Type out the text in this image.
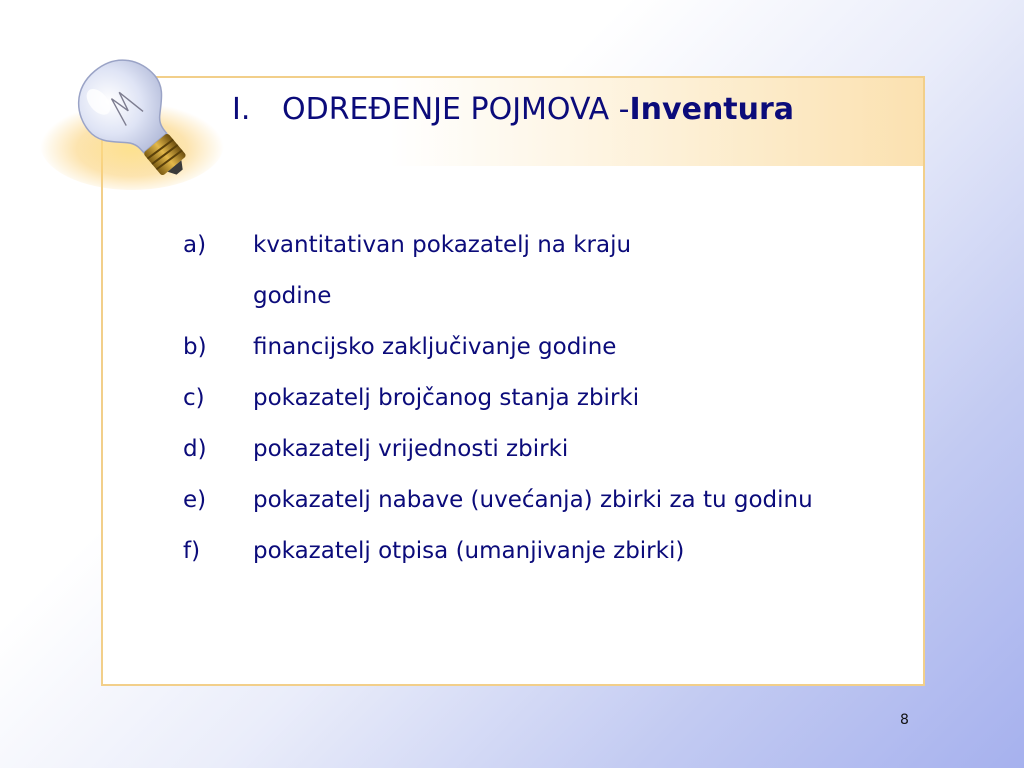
I. ODREĐENJE POJMOVA -Inventura
a)	kvantitativan pokazatelj na kraju
godine
b)	financijsko zaključivanje godine
c)	pokazatelj brojčanog stanja zbirki
d)	pokazatelj vrijednosti zbirki
e)	pokazatelj nabave (uvećanja) zbirki za tu godinu
f)	pokazatelj otpisa (umanjivanje zbirki)
8
